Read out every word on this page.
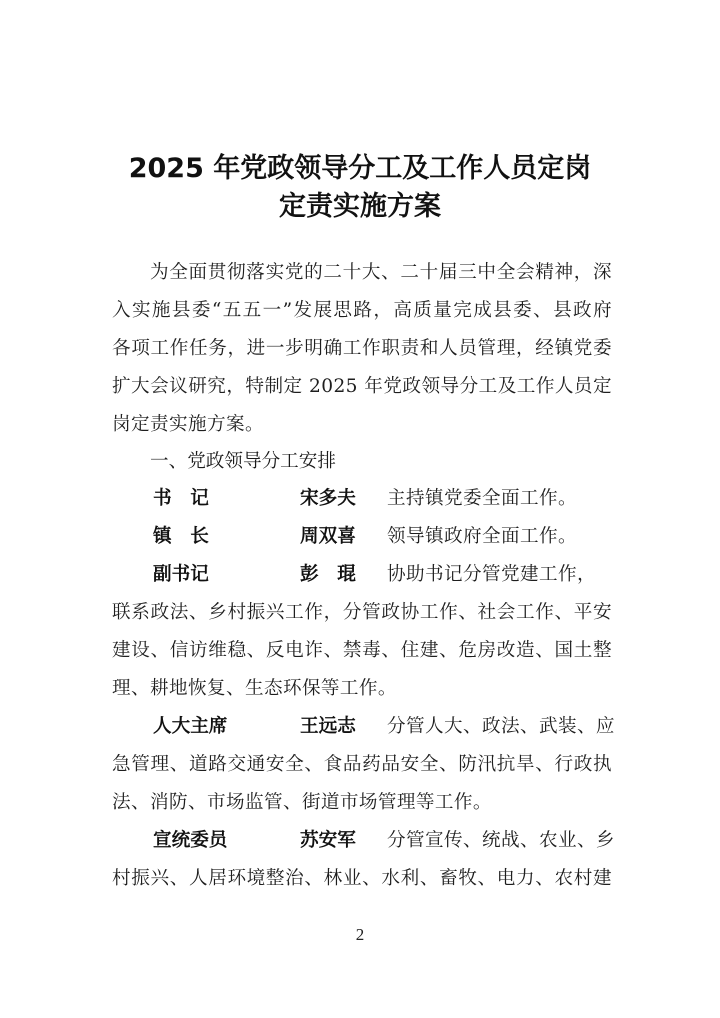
2025 年党政领导分工及工作人员定岗
定责实施方案
为全面贯彻落实党的二十大、二十届三中全会精神，深
入实施县委“五五一”发展思路，高质量完成县委、县政府
各项工作任务，进一步明确工作职责和人员管理，经镇党委
扩大会议研究，特制定 2025 年党政领导分工及工作人员定
岗定责实施方案。
一、党政领导分工安排
书　记	宋多夫 主持镇党委全面工作。
镇　长	周双喜 领导镇政府全面工作。
副书记	彭　琨 协助书记分管党建工作，
联系政法、乡村振兴工作，分管政协工作、社会工作、平安
建设、信访维稳、反电诈、禁毒、住建、危房改造、国土整
理、耕地恢复、生态环保等工作。
人大主席	王远志 分管人大、政法、武装、应
急管理、道路交通安全、食品药品安全、防汛抗旱、行政执
法、消防、市场监管、街道市场管理等工作。
宣统委员	苏安军 分管宣传、统战、农业、乡
村振兴、人居环境整治、林业、水利、畜牧、电力、农村建
2
